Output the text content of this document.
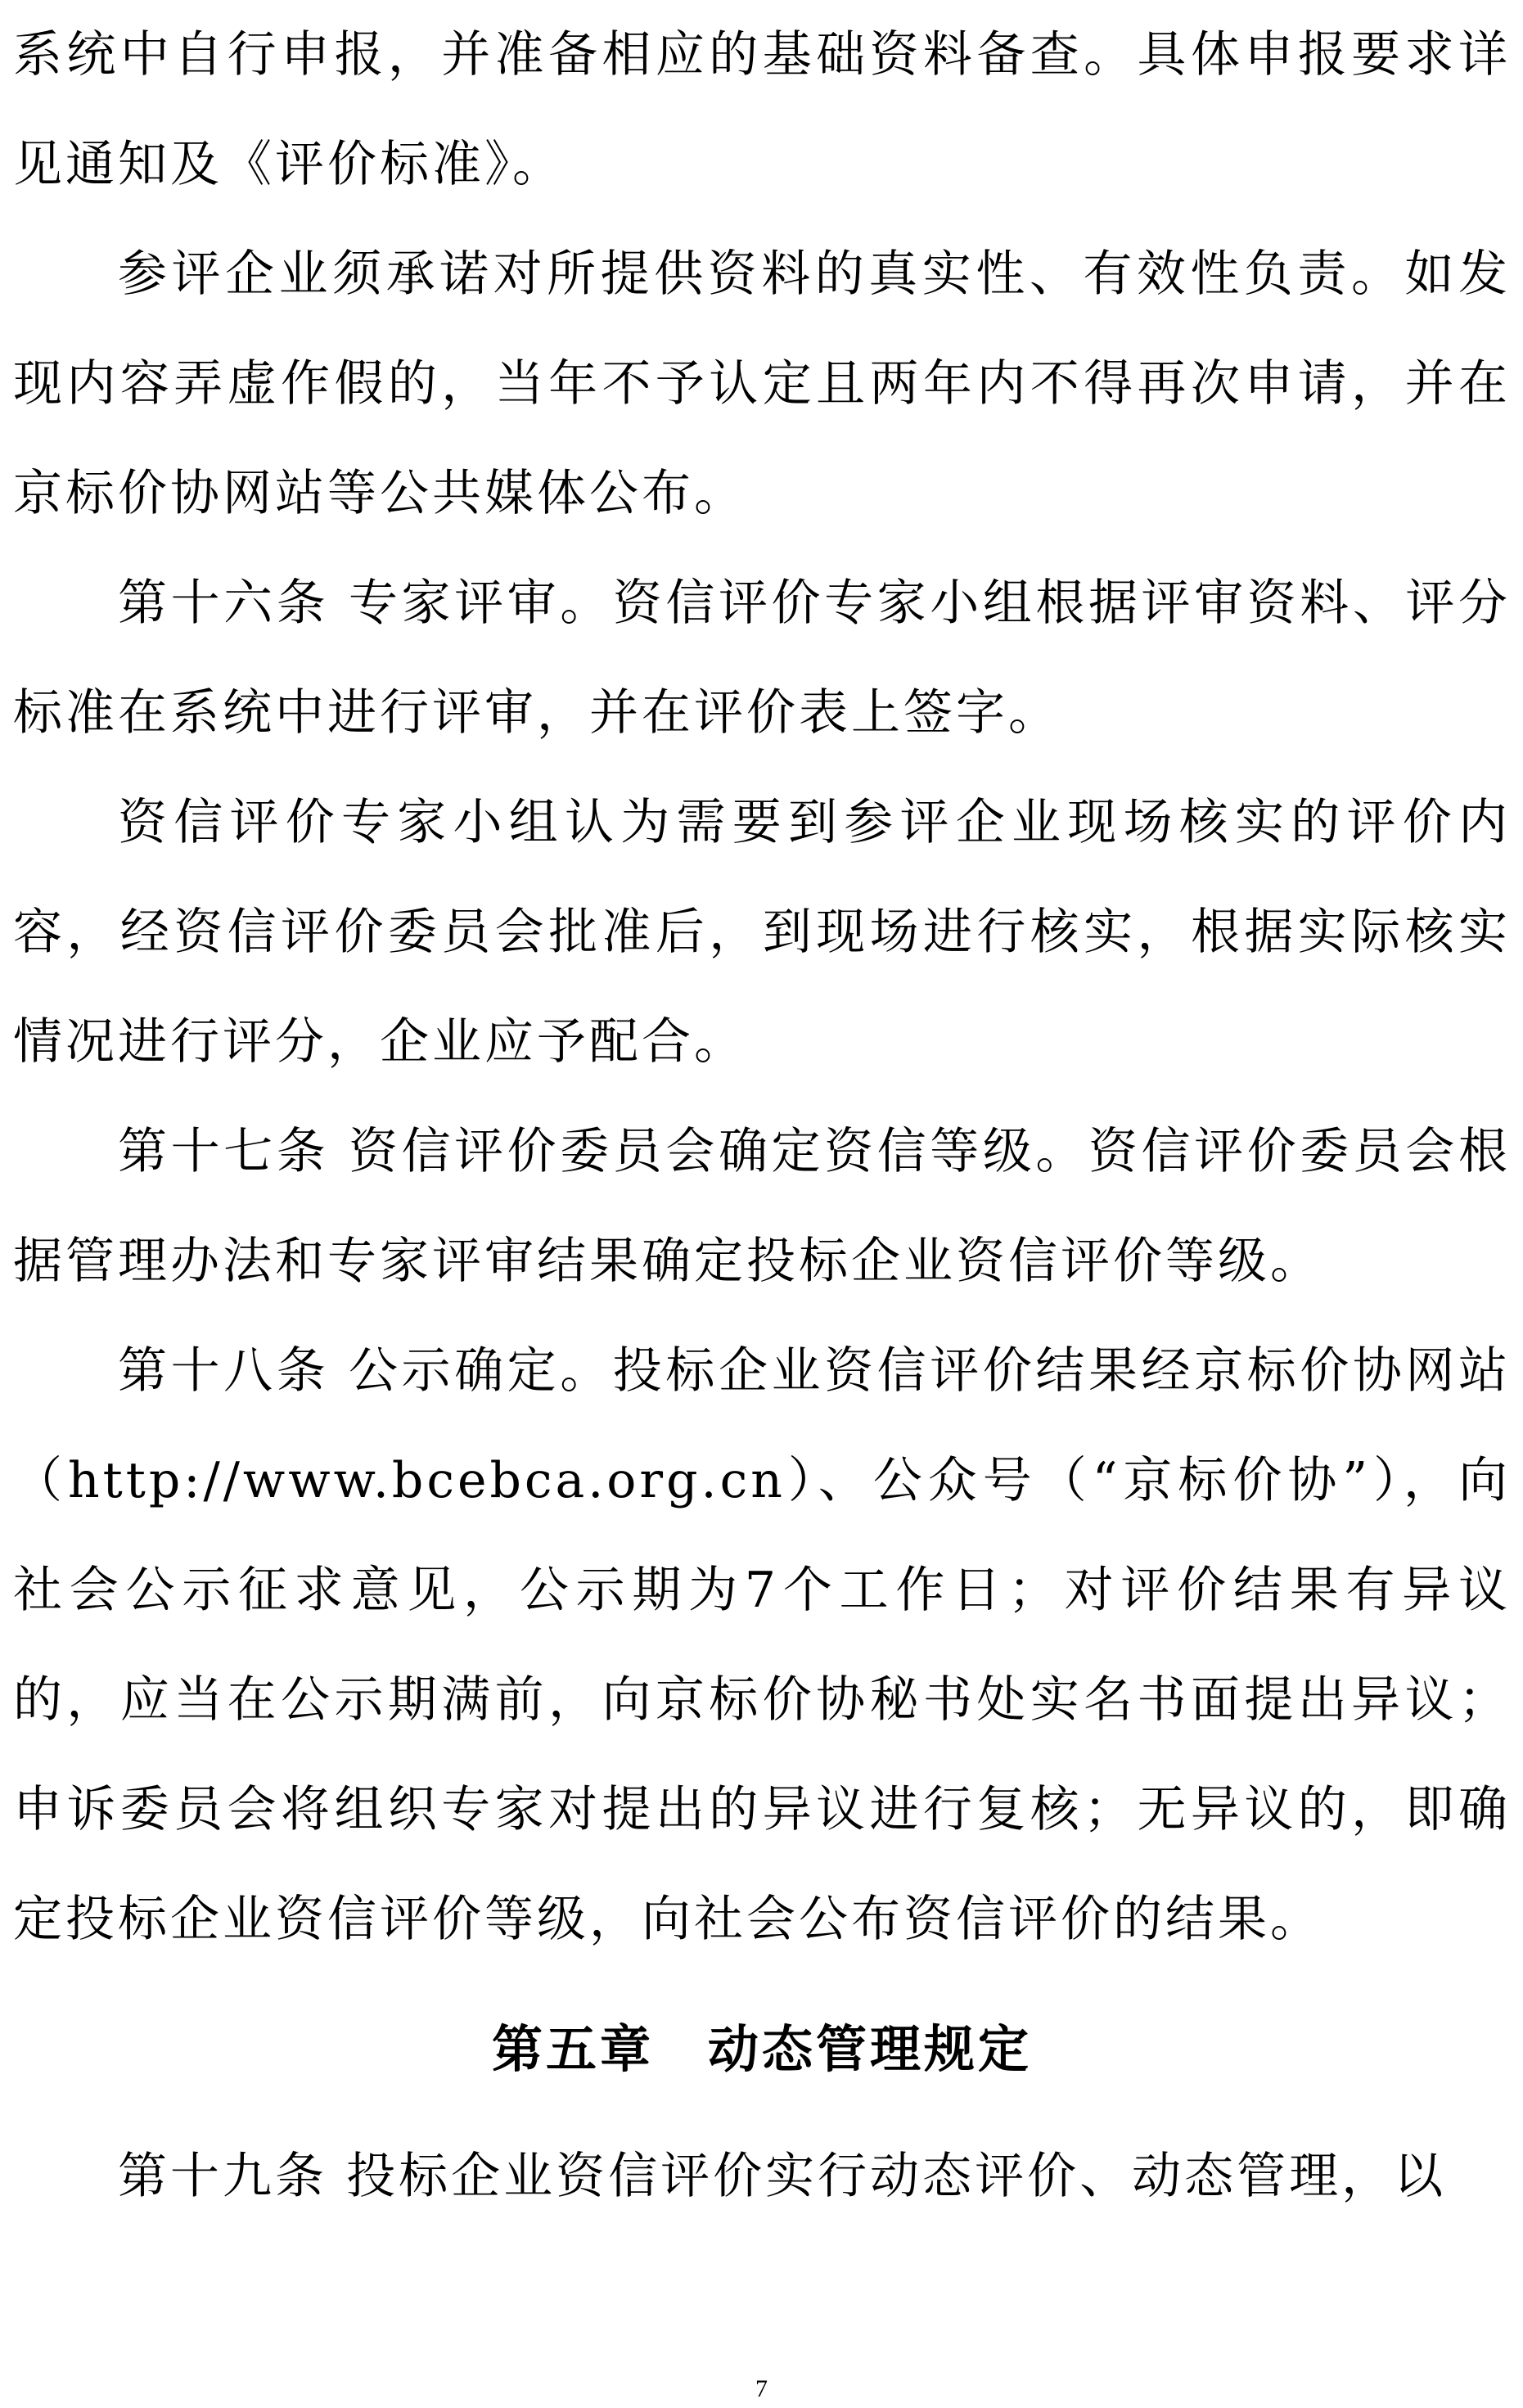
系统中自行申报，并准备相应的基础资料备查。具体申报要求详见通知及《评价标准》。

参评企业须承诺对所提供资料的真实性、有效性负责。如发现内容弄虚作假的，当年不予认定且两年内不得再次申请，并在京标价协网站等公共媒体公布。

第十六条 专家评审。资信评价专家小组根据评审资料、评分标准在系统中进行评审，并在评价表上签字。

资信评价专家小组认为需要到参评企业现场核实的评价内容，经资信评价委员会批准后，到现场进行核实，根据实际核实情况进行评分，企业应予配合。

第十七条 资信评价委员会确定资信等级。资信评价委员会根据管理办法和专家评审结果确定投标企业资信评价等级。

第十八条 公示确定。投标企业资信评价结果经京标价协网站（http://www.bcebca.org.cn）、公众号（“京标价协”），向社会公示征求意见，公示期为7个工作日；对评价结果有异议的，应当在公示期满前，向京标价协秘书处实名书面提出异议；申诉委员会将组织专家对提出的异议进行复核；无异议的，即确定投标企业资信评价等级，向社会公布资信评价的结果。

第五章　动态管理规定

第十九条 投标企业资信评价实行动态评价、动态管理，以

7
